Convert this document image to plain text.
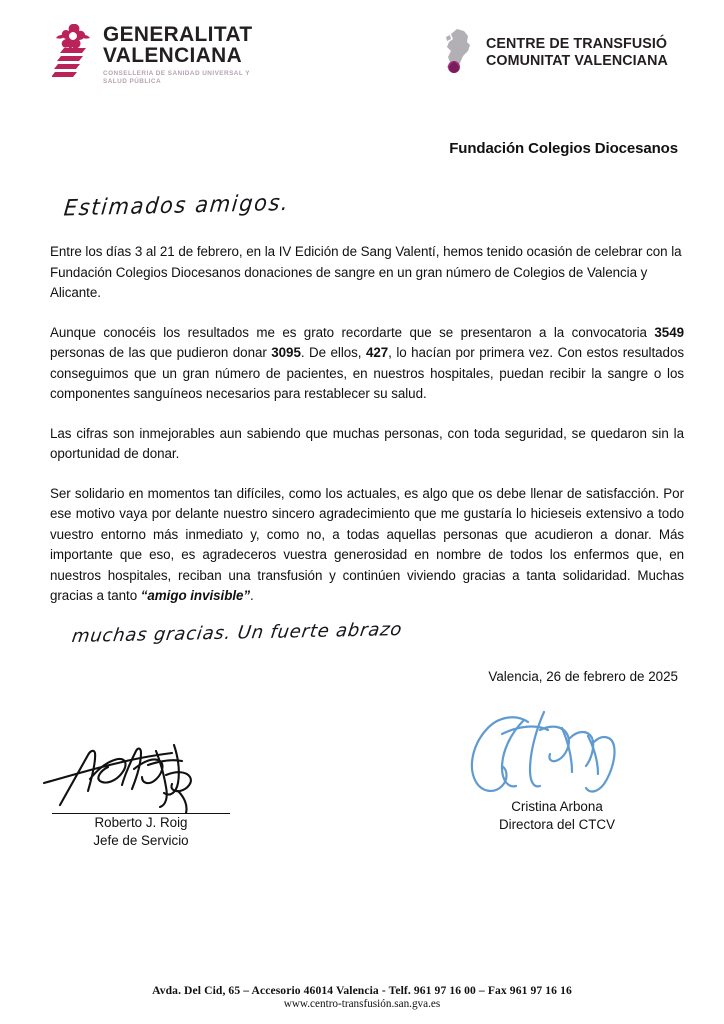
GENERALITAT
VALENCIANA
CONSELLERIA DE SANIDAD UNIVERSAL Y SALUD PÚBLICA
CENTRE DE TRANSFUSIÓ
COMUNITAT VALENCIANA
Fundación Colegios Diocesanos
Estimados amigos.

Entre los días 3 al 21 de febrero, en la IV Edición de Sang Valentí, hemos tenido ocasión de celebrar con la Fundación Colegios Diocesanos donaciones de sangre en un gran número de Colegios de Valencia y Alicante.

Aunque conocéis los resultados me es grato recordarte que se presentaron a la convocatoria 3549 personas de las que pudieron donar 3095. De ellos, 427, lo hacían por primera vez. Con estos resultados conseguimos que un gran número de pacientes, en nuestros hospitales, puedan recibir la sangre o los componentes sanguíneos necesarios para restablecer su salud.

Las cifras son inmejorables aun sabiendo que muchas personas, con toda seguridad, se quedaron sin la oportunidad de donar.

Ser solidario en momentos tan difíciles, como los actuales, es algo que os debe llenar de satisfacción. Por ese motivo vaya por delante nuestro sincero agradecimiento que me gustaría lo hicieseis extensivo a todo vuestro entorno más inmediato y, como no, a todas aquellas personas que acudieron a donar. Más importante que eso, es agradeceros vuestra generosidad en nombre de todos los enfermos que, en nuestros hospitales, reciban una transfusión y continúen viviendo gracias a tanta solidaridad. Muchas gracias a tanto “amigo invisible”.

muchas gracias. Un fuerte abrazo
Valencia, 26 de febrero de 2025
Roberto J. Roig
Jefe de Servicio
Cristina Arbona
Directora del CTCV
Avda. Del Cid, 65 – Accesorio 46014 Valencia - Telf. 961 97 16 00 – Fax 961 97 16 16
www.centro-transfusión.san.gva.es
